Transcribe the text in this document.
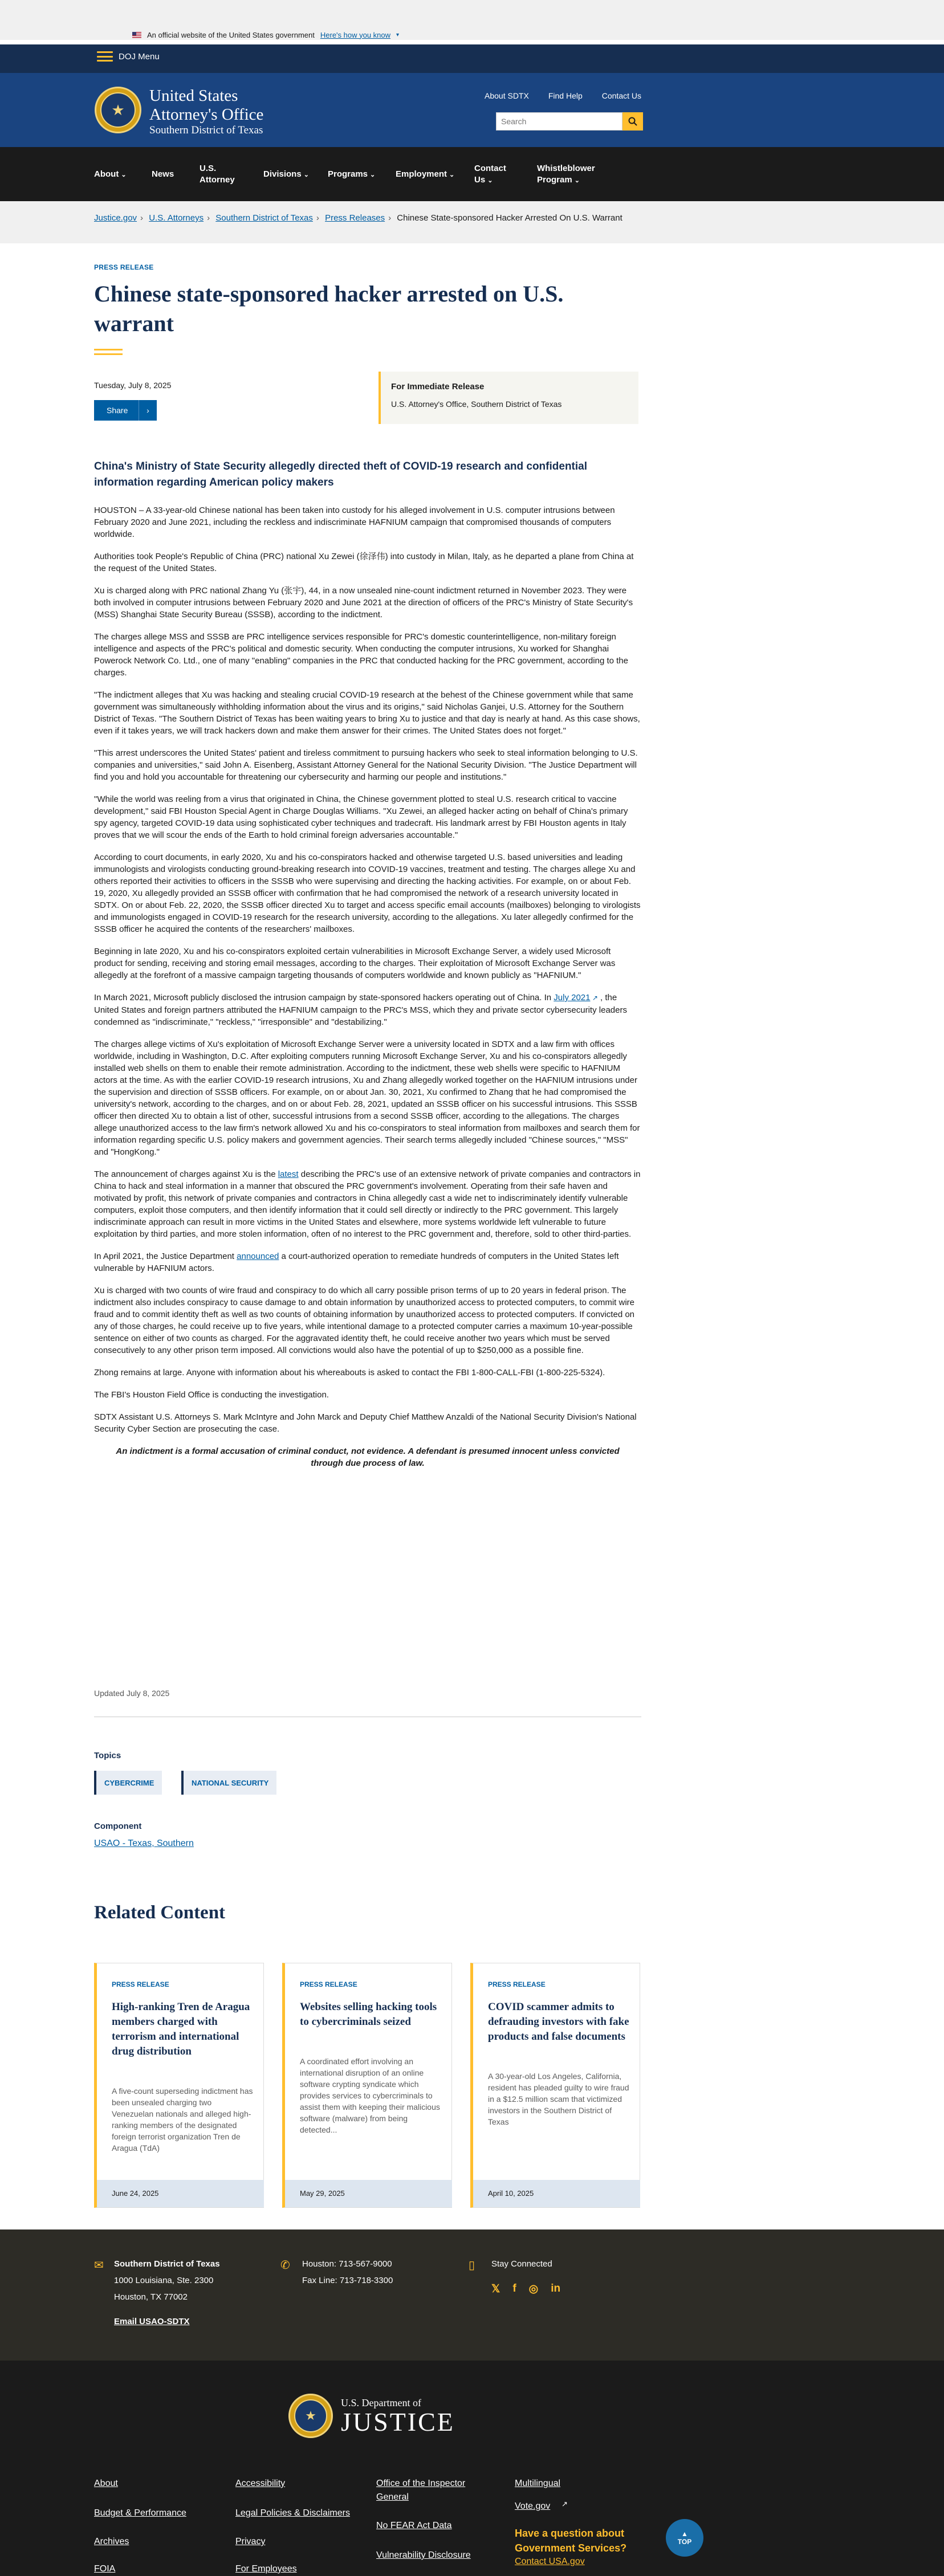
An official website of the United States government Here's how you know ▾
DOJ Menu
★
United States
Attorney's Office
Southern District of Texas
About SDTX Find Help Contact Us
Search
About ⌄	News
U.S. Attorney
Divisions ⌄ Programs ⌄ Employment ⌄
Contact Us ⌄
Whistleblower Program ⌄
Justice.gov › U.S. Attorneys › Southern District of Texas › Press Releases › Chinese State-sponsored Hacker Arrested On U.S. Warrant
PRESS RELEASE
Chinese state-sponsored hacker arrested on U.S. warrant
Tuesday, July 8, 2025
Share	›
For Immediate Release
U.S. Attorney's Office, Southern District of Texas
China's Ministry of State Security allegedly directed theft of COVID-19 research and confidential information regarding American policy makers

HOUSTON – A 33-year-old Chinese national has been taken into custody for his alleged involvement in U.S. computer intrusions between February 2020 and June 2021, including the reckless and indiscriminate HAFNIUM campaign that compromised thousands of computers worldwide.

Authorities took People's Republic of China (PRC) national Xu Zewei (徐泽伟) into custody in Milan, Italy, as he departed a plane from China at the request of the United States.

Xu is charged along with PRC national Zhang Yu (张宇), 44, in a now unsealed nine-count indictment returned in November 2023. They were both involved in computer intrusions between February 2020 and June 2021 at the direction of officers of the PRC's Ministry of State Security's (MSS) Shanghai State Security Bureau (SSSB), according to the indictment.

The charges allege MSS and SSSB are PRC intelligence services responsible for PRC's domestic counterintelligence, non-military foreign intelligence and aspects of the PRC's political and domestic security. When conducting the computer intrusions, Xu worked for Shanghai Powerock Network Co. Ltd., one of many "enabling" companies in the PRC that conducted hacking for the PRC government, according to the charges.

"The indictment alleges that Xu was hacking and stealing crucial COVID-19 research at the behest of the Chinese government while that same government was simultaneously withholding information about the virus and its origins," said Nicholas Ganjei, U.S. Attorney for the Southern District of Texas. "The Southern District of Texas has been waiting years to bring Xu to justice and that day is nearly at hand. As this case shows, even if it takes years, we will track hackers down and make them answer for their crimes. The United States does not forget."

"This arrest underscores the United States' patient and tireless commitment to pursuing hackers who seek to steal information belonging to U.S. companies and universities," said John A. Eisenberg, Assistant Attorney General for the National Security Division. "The Justice Department will find you and hold you accountable for threatening our cybersecurity and harming our people and institutions."

"While the world was reeling from a virus that originated in China, the Chinese government plotted to steal U.S. research critical to vaccine development," said FBI Houston Special Agent in Charge Douglas Williams. "Xu Zewei, an alleged hacker acting on behalf of China's primary spy agency, targeted COVID-19 data using sophisticated cyber techniques and tradecraft. His landmark arrest by FBI Houston agents in Italy proves that we will scour the ends of the Earth to hold criminal foreign adversaries accountable."

According to court documents, in early 2020, Xu and his co-conspirators hacked and otherwise targeted U.S. based universities and leading immunologists and virologists conducting ground-breaking research into COVID-19 vaccines, treatment and testing. The charges allege Xu and others reported their activities to officers in the SSSB who were supervising and directing the hacking activities. For example, on or about Feb. 19, 2020, Xu allegedly provided an SSSB officer with confirmation that he had compromised the network of a research university located in SDTX. On or about Feb. 22, 2020, the SSSB officer directed Xu to target and access specific email accounts (mailboxes) belonging to virologists and immunologists engaged in COVID-19 research for the research university, according to the allegations. Xu later allegedly confirmed for the SSSB officer he acquired the contents of the researchers' mailboxes.

Beginning in late 2020, Xu and his co-conspirators exploited certain vulnerabilities in Microsoft Exchange Server, a widely used Microsoft product for sending, receiving and storing email messages, according to the charges. Their exploitation of Microsoft Exchange Server was allegedly at the forefront of a massive campaign targeting thousands of computers worldwide and known publicly as "HAFNIUM."

In March 2021, Microsoft publicly disclosed the intrusion campaign by state-sponsored hackers operating out of China. In July 2021 ↗ , the United States and foreign partners attributed the HAFNIUM campaign to the PRC's MSS, which they and private sector cybersecurity leaders condemned as "indiscriminate," "reckless," "irresponsible" and "destabilizing."

The charges allege victims of Xu's exploitation of Microsoft Exchange Server were a university located in SDTX and a law firm with offices worldwide, including in Washington, D.C. After exploiting computers running Microsoft Exchange Server, Xu and his co-conspirators allegedly installed web shells on them to enable their remote administration. According to the indictment, these web shells were specific to HAFNIUM actors at the time. As with the earlier COVID-19 research intrusions, Xu and Zhang allegedly worked together on the HAFNIUM intrusions under the supervision and direction of SSSB officers. For example, on or about Jan. 30, 2021, Xu confirmed to Zhang that he had compromised the university's network, according to the charges, and on or about Feb. 28, 2021, updated an SSSB officer on his successful intrusions. This SSSB officer then directed Xu to obtain a list of other, successful intrusions from a second SSSB officer, according to the allegations. The charges allege unauthorized access to the law firm's network allowed Xu and his co-conspirators to steal information from mailboxes and search them for information regarding specific U.S. policy makers and government agencies. Their search terms allegedly included "Chinese sources," "MSS" and "HongKong."

The announcement of charges against Xu is the latest describing the PRC's use of an extensive network of private companies and contractors in China to hack and steal information in a manner that obscured the PRC government's involvement. Operating from their safe haven and motivated by profit, this network of private companies and contractors in China allegedly cast a wide net to indiscriminately identify vulnerable computers, exploit those computers, and then identify information that it could sell directly or indirectly to the PRC government. This largely indiscriminate approach can result in more victims in the United States and elsewhere, more systems worldwide left vulnerable to future exploitation by third parties, and more stolen information, often of no interest to the PRC government and, therefore, sold to other third-parties.

In April 2021, the Justice Department announced a court-authorized operation to remediate hundreds of computers in the United States left vulnerable by HAFNIUM actors.

Xu is charged with two counts of wire fraud and conspiracy to do which all carry possible prison terms of up to 20 years in federal prison. The indictment also includes conspiracy to cause damage to and obtain information by unauthorized access to protected computers, to commit wire fraud and to commit identity theft as well as two counts of obtaining information by unauthorized access to protected computers. If convicted on any of those charges, he could receive up to five years, while intentional damage to a protected computer carries a maximum 10-year-possible sentence on either of two counts as charged. For the aggravated identity theft, he could receive another two years which must be served consecutively to any other prison term imposed. All convictions would also have the potential of up to $250,000 as a possible fine.

Zhong remains at large. Anyone with information about his whereabouts is asked to contact the FBI 1-800-CALL-FBI (1-800-225-5324).

The FBI's Houston Field Office is conducting the investigation.

SDTX Assistant U.S. Attorneys S. Mark McIntyre and John Marck and Deputy Chief Matthew Anzaldi of the National Security Division's National Security Cyber Section are prosecuting the case.

An indictment is a formal accusation of criminal conduct, not evidence. A defendant is presumed innocent unless convicted through due process of law.

Updated July 8, 2025
Topics
CYBERCRIME	NATIONAL SECURITY
Component
USAO - Texas, Southern
Related Content
PRESS RELEASE
High-ranking Tren de Aragua members charged with terrorism and international drug distribution
A five-count superseding indictment has been unsealed charging two Venezuelan nationals and alleged high-ranking members of the designated foreign terrorist organization Tren de Aragua (TdA)
June 24, 2025
PRESS RELEASE
Websites selling hacking tools to cybercriminals seized
A coordinated effort involving an international disruption of an online software crypting syndicate which provides services to cybercriminals to assist them with keeping their malicious software (malware) from being detected...
May 29, 2025
PRESS RELEASE
COVID scammer admits to defrauding investors with fake products and false documents
A 30-year-old Los Angeles, California, resident has pleaded guilty to wire fraud in a $12.5 million scam that victimized investors in the Southern District of Texas
April 10, 2025
✉ Southern District of Texas
1000 Louisiana, Ste. 2300
Houston, TX 77002
Email USAO-SDTX
✆ Houston: 713-567-9000
Fax Line: 713-718-3300
▯ Stay Connected
𝕏 f ◎ in
★
U.S. Department of
JUSTICE
About
Budget & Performance
Archives
FOIA
Accessibility
Legal Policies & Disclaimers
Privacy
For Employees
Office of the Inspector General
No FEAR Act Data
Vulnerability Disclosure
Multilingual
Vote.gov ↗
Have a question about Government Services?
Contact USA.gov
▲
TOP
